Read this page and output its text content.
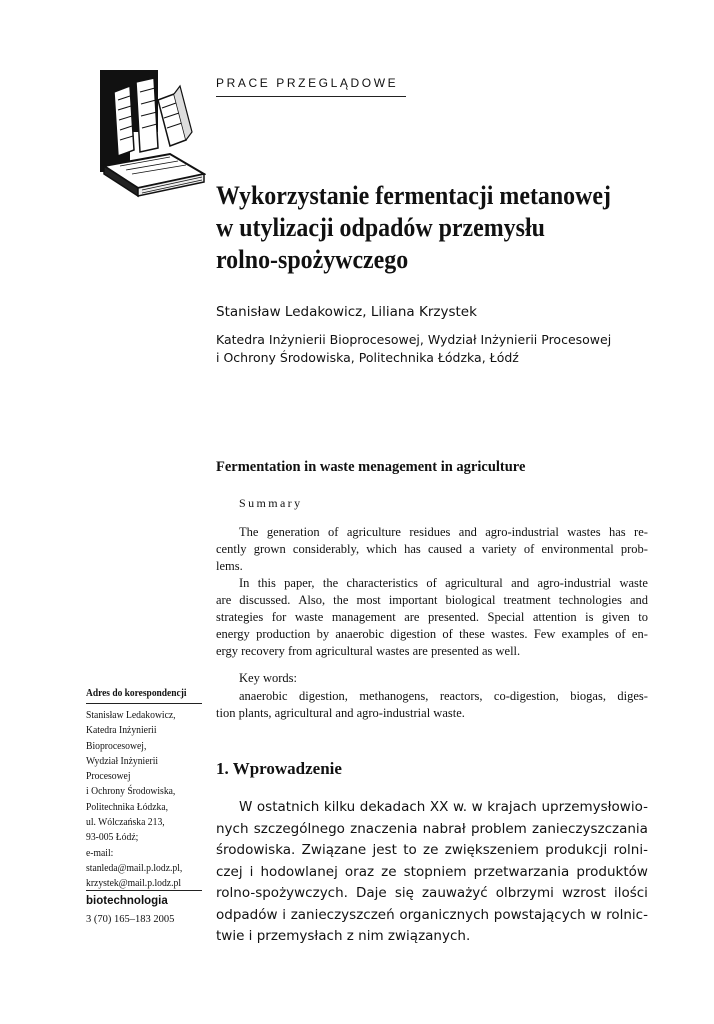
PRACE PRZEGLĄDOWE
Wykorzystanie fermentacji metanowej
w utylizacji odpadów przemysłu
rolno-spożywczego
Stanisław Ledakowicz, Liliana Krzystek
Katedra Inżynierii Bioprocesowej, Wydział Inżynierii Procesowej
i Ochrony Środowiska, Politechnika Łódzka, Łódź
Fermentation in waste menagement in agriculture
Summary
The generation of agriculture residues and agro-industrial wastes has re-
cently grown considerably, which has caused a variety of environmental prob-
lems.
In this paper, the characteristics of agricultural and agro-industrial waste
are discussed. Also, the most important biological treatment technologies and
strategies for waste management are presented. Special attention is given to
energy production by anaerobic digestion of these wastes. Few examples of en-
ergy recovery from agricultural wastes are presented as well.
Key words:
anaerobic digestion, methanogens, reactors, co-digestion, biogas, diges-
tion plants, agricultural and agro-industrial waste.
Adres do korespondencji
Stanisław Ledakowicz,
Katedra Inżynierii
Bioprocesowej,
Wydział Inżynierii
Procesowej
i Ochrony Środowiska,
Politechnika Łódzka,
ul. Wólczańska 213,
93-005 Łódź;
e-mail:
stanleda@mail.p.lodz.pl,
krzystek@mail.p.lodz.pl
biotechnologia
3 (70) 165–183 2005
1. Wprowadzenie
W ostatnich kilku dekadach XX w. w krajach uprzemysłowio-
nych szczególnego znaczenia nabrał problem zanieczyszczania
środowiska. Związane jest to ze zwiększeniem produkcji rolni-
czej i hodowlanej oraz ze stopniem przetwarzania produktów
rolno-spożywczych. Daje się zauważyć olbrzymi wzrost ilości
odpadów i zanieczyszczeń organicznych powstających w rolnic-
twie i przemysłach z nim związanych.
